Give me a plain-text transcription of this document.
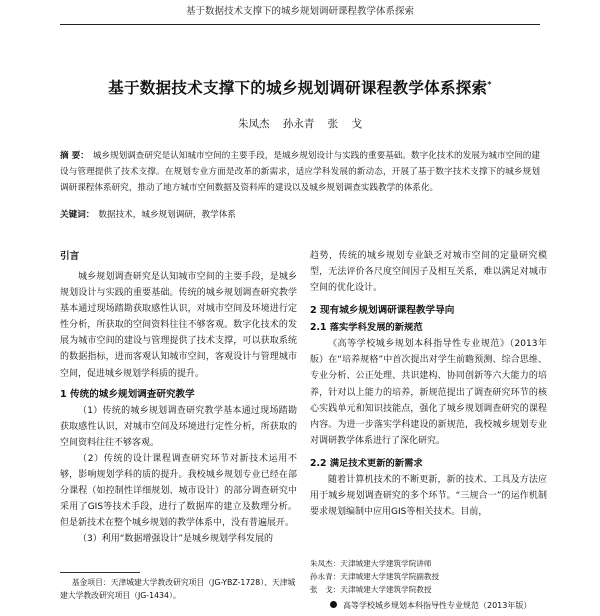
基于数据技术支撑下的城乡规划调研课程教学体系探索
基于数据技术支撑下的城乡规划调研课程教学体系探索*
朱凤杰 孙永青 张 戈
摘 要： 城乡规划调查研究是认知城市空间的主要手段，是城乡规划设计与实践的重要基础。数字化技术的发展为城市空间的建设与管理提供了技术支撑。在规划专业方面是改革的新需求，适应学科发展的新动态，开展了基于数字技术支撑下的城乡规划调研课程体系研究，推动了地方城市空间数据及资料库的建设以及城乡规划调查实践教学的体系化。
关键词： 数据技术，城乡规划调研，教学体系

引言

城乡规划调查研究是认知城市空间的主要手段，是城乡规划设计与实践的重要基础。传统的城乡规划调查研究教学基本通过现场踏勘获取感性认识，对城市空间及环境进行定性分析，所获取的空间资料往往不够客观。数字化技术的发展为城市空间的建设与管理提供了技术支撑，可以获取系统的数据指标，进而客观认知城市空间，客观设计与管理城市空间，促进城乡规划学科质的提升。

1 传统的城乡规划调查研究教学

（1）传统的城乡规划调查研究教学基本通过现场踏勘获取感性认识，对城市空间及环境进行定性分析，所获取的空间资料往往不够客观。

（2）传统的设计课程调查研究环节对新技术运用不够，影响规划学科的质的提升。我校城乡规划专业已经在部分课程（如控制性详细规划、城市设计）的部分调查研究中采用了GIS等技术手段，进行了数据库的建立及数理分析。但是新技术在整个城乡规划的教学体系中，没有普遍展开。

（3）利用“数据增强设计”是城乡规划学科发展的

趋势，传统的城乡规划专业缺乏对城市空间的定量研究模型，无法评价各尺度空间因子及相互关系，难以满足对城市空间的优化设计。

2 现有城乡规划调研课程教学导向

2.1 落实学科发展的新规范

《高等学校城乡规划本科指导性专业规范》（2013年版）在“培养规格”中首次提出对学生前瞻预测、综合思维、专业分析、公正处理、共识建构、协同创新等六大能力的培养，针对以上能力的培养，新规范提出了调查研究环节的核心实践单元和知识技能点，强化了城乡规划调查研究的课程内容。为进一步落实学科建设的新规范，我校城乡规划专业对调研教学体系进行了深化研究。

2.2 满足技术更新的新需求

随着计算机技术的不断更新，新的技术、工具及方法应用于城乡规划调查研究的多个环节。“三规合一”的运作机制要求规划编制中应用GIS等相关技术。目前，

基金项目：天津城建大学教改研究项目（JG-YBZ-1728）、天津城建大学教改研究项目（JG-1434）。
朱凤杰：天津城建大学建筑学院讲师
孙永青：天津城建大学建筑学院副教授
张　戈：天津城建大学建筑学院教授
高等学校城乡规划本科指导性专业规范（2013年版）
